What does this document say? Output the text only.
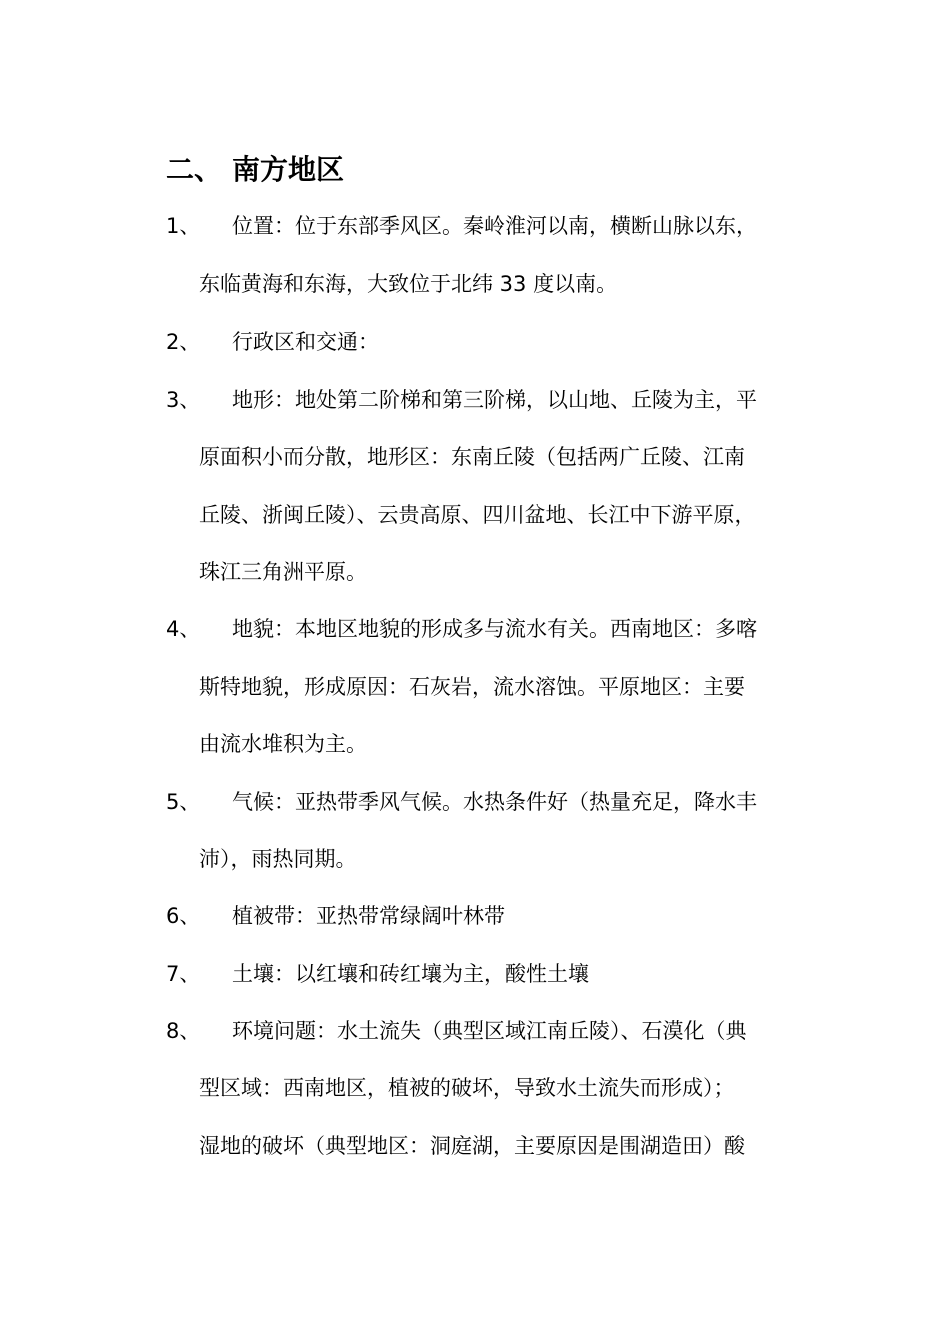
二、 南方地区
1、 位置：位于东部季风区。秦岭淮河以南，横断山脉以东，
东临黄海和东海，大致位于北纬 33 度以南。
2、 行政区和交通：
3、 地形：地处第二阶梯和第三阶梯，以山地、丘陵为主，平
原面积小而分散，地形区：东南丘陵（包括两广丘陵、江南
丘陵、浙闽丘陵）、云贵高原、四川盆地、长江中下游平原，
珠江三角洲平原。
4、 地貌：本地区地貌的形成多与流水有关。西南地区：多喀
斯特地貌，形成原因：石灰岩，流水溶蚀。平原地区：主要
由流水堆积为主。
5、 气候：亚热带季风气候。水热条件好（热量充足，降水丰
沛），雨热同期。
6、 植被带：亚热带常绿阔叶林带
7、 土壤：以红壤和砖红壤为主，酸性土壤
8、 环境问题：水土流失（典型区域江南丘陵）、石漠化（典
型区域：西南地区，植被的破坏，导致水土流失而形成）；
湿地的破坏（典型地区：洞庭湖，主要原因是围湖造田）酸
